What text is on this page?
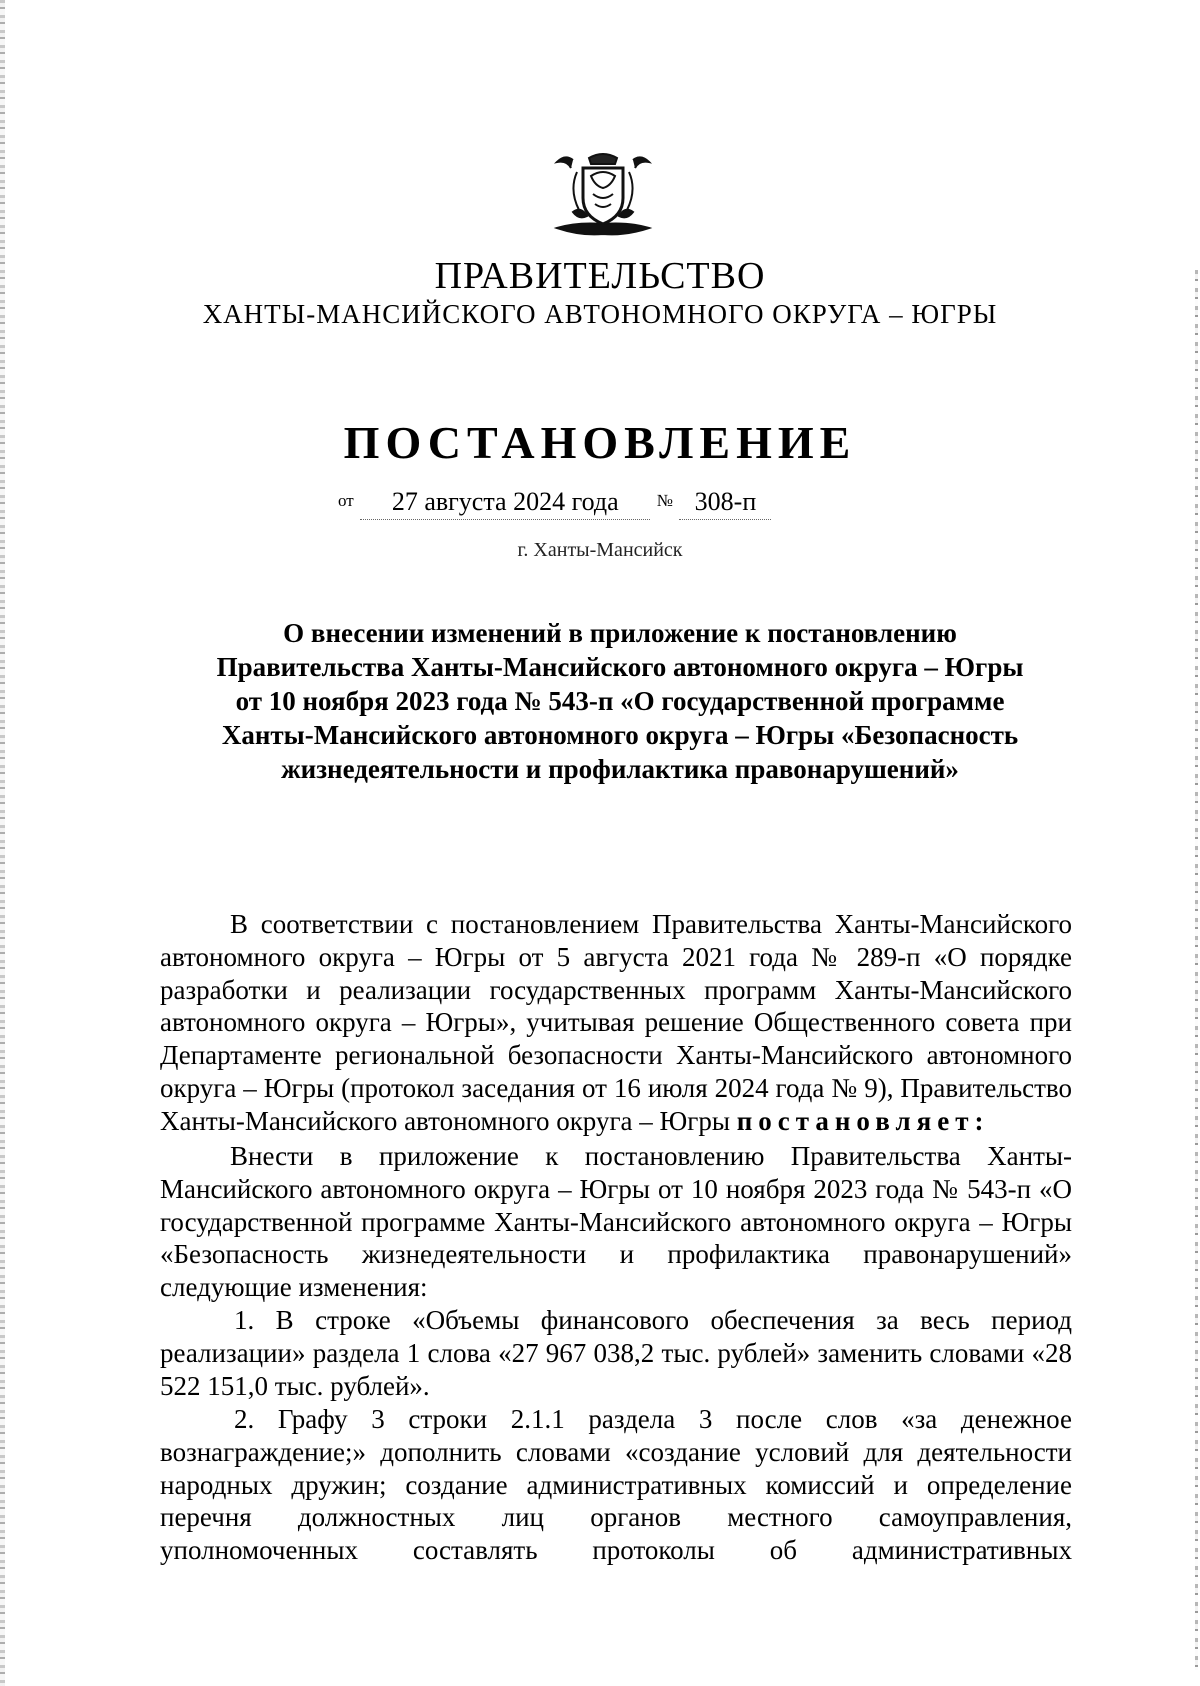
ПРАВИТЕЛЬСТВО
ХАНТЫ-МАНСИЙСКОГО АВТОНОМНОГО ОКРУГА – ЮГРЫ
ПОСТАНОВЛЕНИЕ
от 27 августа 2024 года № 308-п
г. Ханты-Мансийск
О внесении изменений в приложение к постановлению
Правительства Ханты-Мансийского автономного округа – Югры
от 10 ноября 2023 года № 543-п «О государственной программе
Ханты-Мансийского автономного округа – Югры «Безопасность
жизнедеятельности и профилактика правонарушений»
В соответствии с постановлением Правительства Ханты-Мансийского автономного округа – Югры от 5 августа 2021 года № 289-п «О порядке разработки и реализации государственных программ Ханты-Мансийского автономного округа – Югры», учитывая решение Общественного совета при Департаменте региональной безопасности Ханты-Мансийского автономного округа – Югры (протокол заседания от 16 июля 2024 года № 9), Правительство Ханты-Мансийского автономного округа – Югры постановляет:
Внести в приложение к постановлению Правительства Ханты-Мансийского автономного округа – Югры от 10 ноября 2023 года № 543-п «О государственной программе Ханты-Мансийского автономного округа – Югры «Безопасность жизнедеятельности и профилактика правонарушений» следующие изменения:
1. В строке «Объемы финансового обеспечения за весь период реализации» раздела 1 слова «27 967 038,2 тыс. рублей» заменить словами «28 522 151,0 тыс. рублей».
2. Графу 3 строки 2.1.1 раздела 3 после слов «за денежное вознаграждение;» дополнить словами «создание условий для деятельности народных дружин; создание административных комиссий и определение перечня должностных лиц органов местного самоуправления, уполномоченных составлять протоколы об административных
